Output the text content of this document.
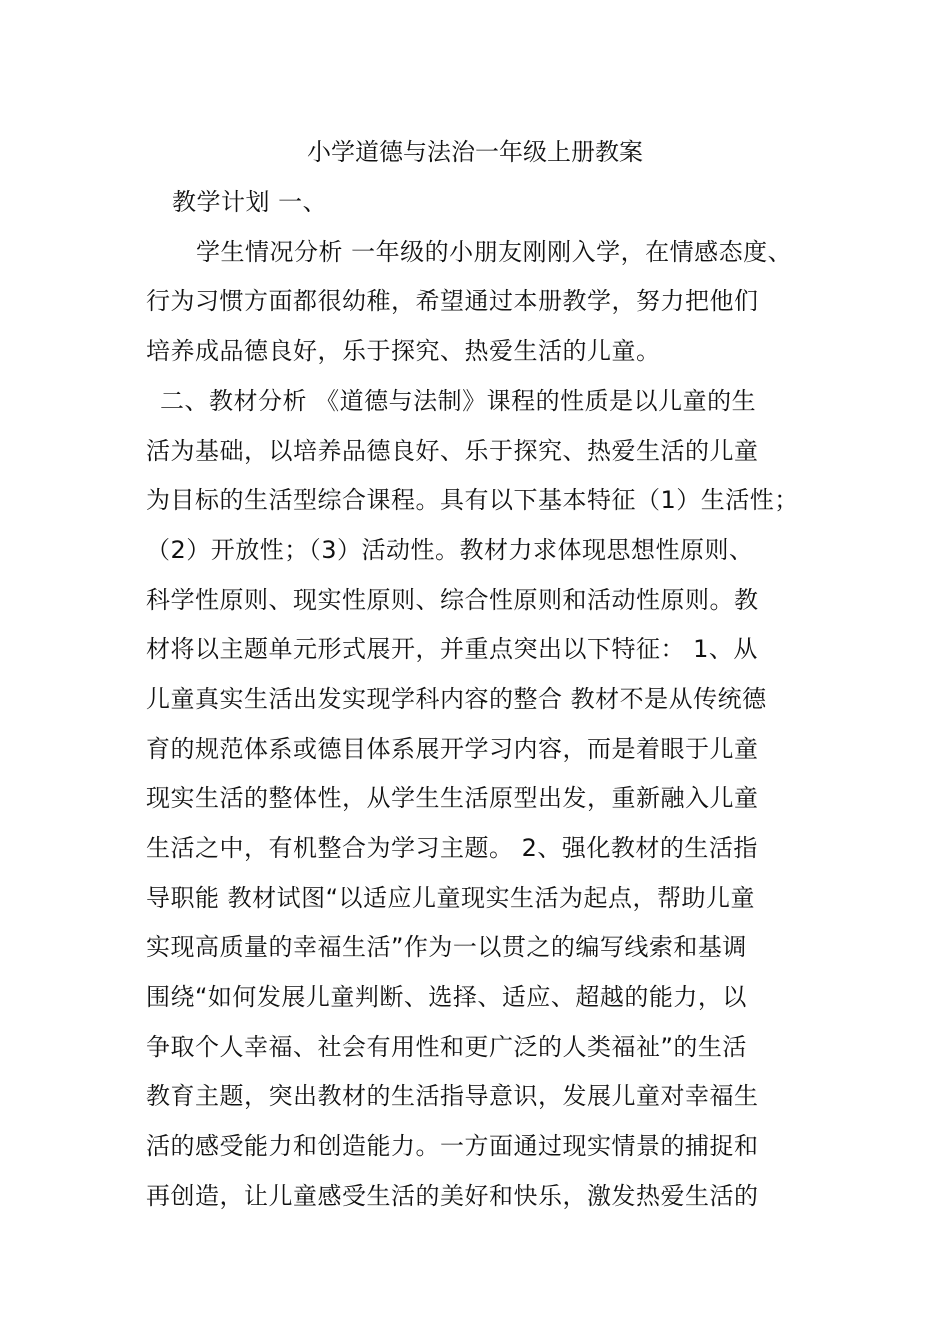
小学道德与法治一年级上册教案
教学计划 一、
学生情况分析 一年级的小朋友刚刚入学，在情感态度、
行为习惯方面都很幼稚，希望通过本册教学，努力把他们
培养成品德良好，乐于探究、热爱生活的儿童。
二、教材分析 《道德与法制》课程的性质是以儿童的生
活为基础，以培养品德良好、乐于探究、热爱生活的儿童
为目标的生活型综合课程。具有以下基本特征（1）生活性；
（2）开放性；（3）活动性。教材力求体现思想性原则、
科学性原则、现实性原则、综合性原则和活动性原则。教
材将以主题单元形式展开，并重点突出以下特征： 1、从
儿童真实生活出发实现学科内容的整合 教材不是从传统德
育的规范体系或德目体系展开学习内容，而是着眼于儿童
现实生活的整体性，从学生生活原型出发，重新融入儿童
生活之中，有机整合为学习主题。 2、强化教材的生活指
导职能 教材试图“以适应儿童现实生活为起点，帮助儿童
实现高质量的幸福生活”作为一以贯之的编写线索和基调
围绕“如何发展儿童判断、选择、适应、超越的能力，以
争取个人幸福、社会有用性和更广泛的人类福祉”的生活
教育主题，突出教材的生活指导意识，发展儿童对幸福生
活的感受能力和创造能力。一方面通过现实情景的捕捉和
再创造，让儿童感受生活的美好和快乐，激发热爱生活的
